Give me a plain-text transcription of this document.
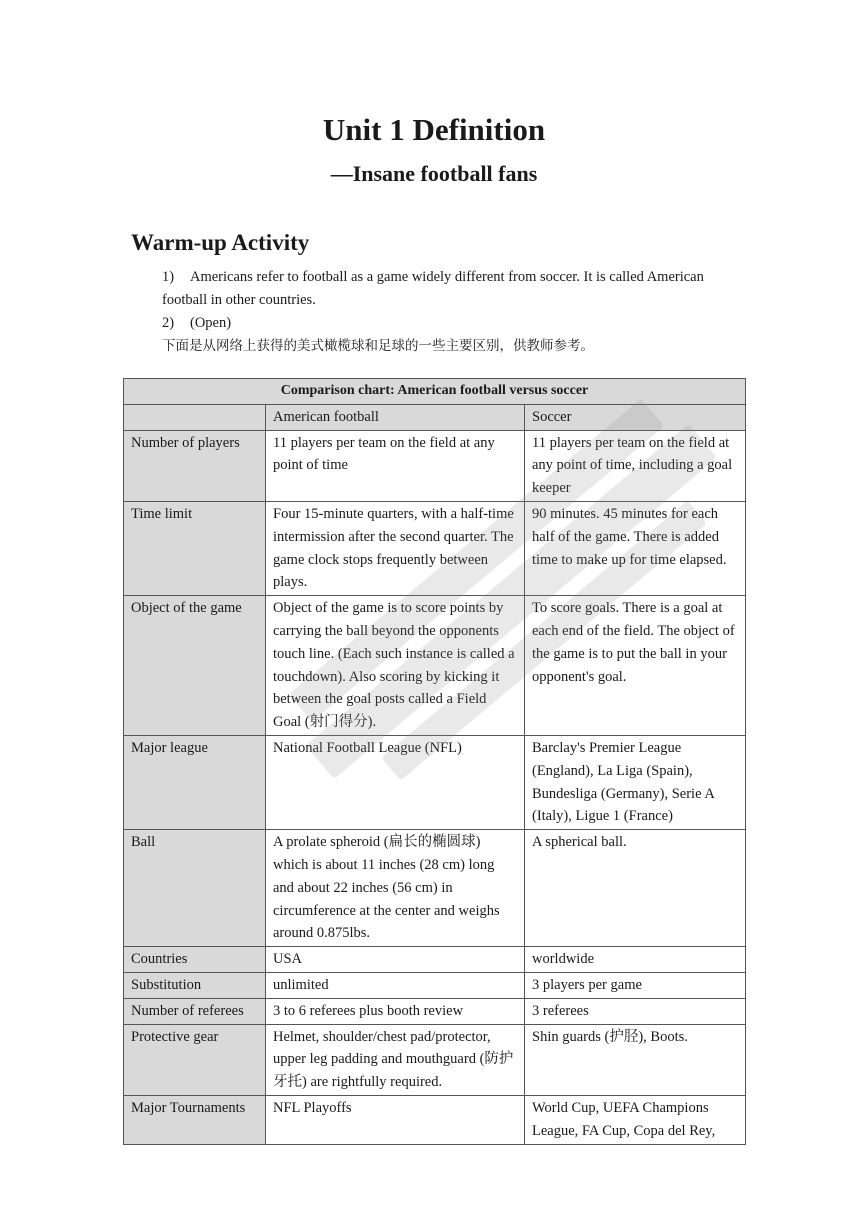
Unit 1 Definition
—Insane football fans
Warm-up Activity

1) Americans refer to football as a game widely different from soccer. It is called American football in other countries.

2) (Open)

下面是从网络上获得的美式橄榄球和足球的一些主要区别，供教师参考。

Comparison chart: American football versus soccer		
	American football	Soccer
Number of players	11 players per team on the field at any point of time	11 players per team on the field at any point of time, including a goal keeper
Time limit	Four 15-minute quarters, with a half-time intermission after the second quarter. The game clock stops frequently between plays.	90 minutes. 45 minutes for each half of the game. There is added time to make up for time elapsed.
Object of the game	Object of the game is to score points by carrying the ball beyond the opponents touch line. (Each such instance is called a touchdown). Also scoring by kicking it between the goal posts called a Field Goal (射门得分).	To score goals. There is a goal at each end of the field. The object of the game is to put the ball in your opponent's goal.
Major league	National Football League (NFL)	Barclay's Premier League (England), La Liga (Spain), Bundesliga (Germany), Serie A (Italy), Ligue 1 (France)
Ball	A prolate spheroid (扁长的椭圆球) which is about 11 inches (28 cm) long and about 22 inches (56 cm) in circumference at the center and weighs around 0.875lbs.	A spherical ball.
Countries	USA	worldwide
Substitution	unlimited	3 players per game
Number of referees	3 to 6 referees plus booth review	3 referees
Protective gear	Helmet, shoulder/chest pad/protector, upper leg padding and mouthguard (防护牙托) are rightfully required.	Shin guards (护胫), Boots.
Major Tournaments	NFL Playoffs	World Cup, UEFA Champions League, FA Cup, Copa del Rey,
